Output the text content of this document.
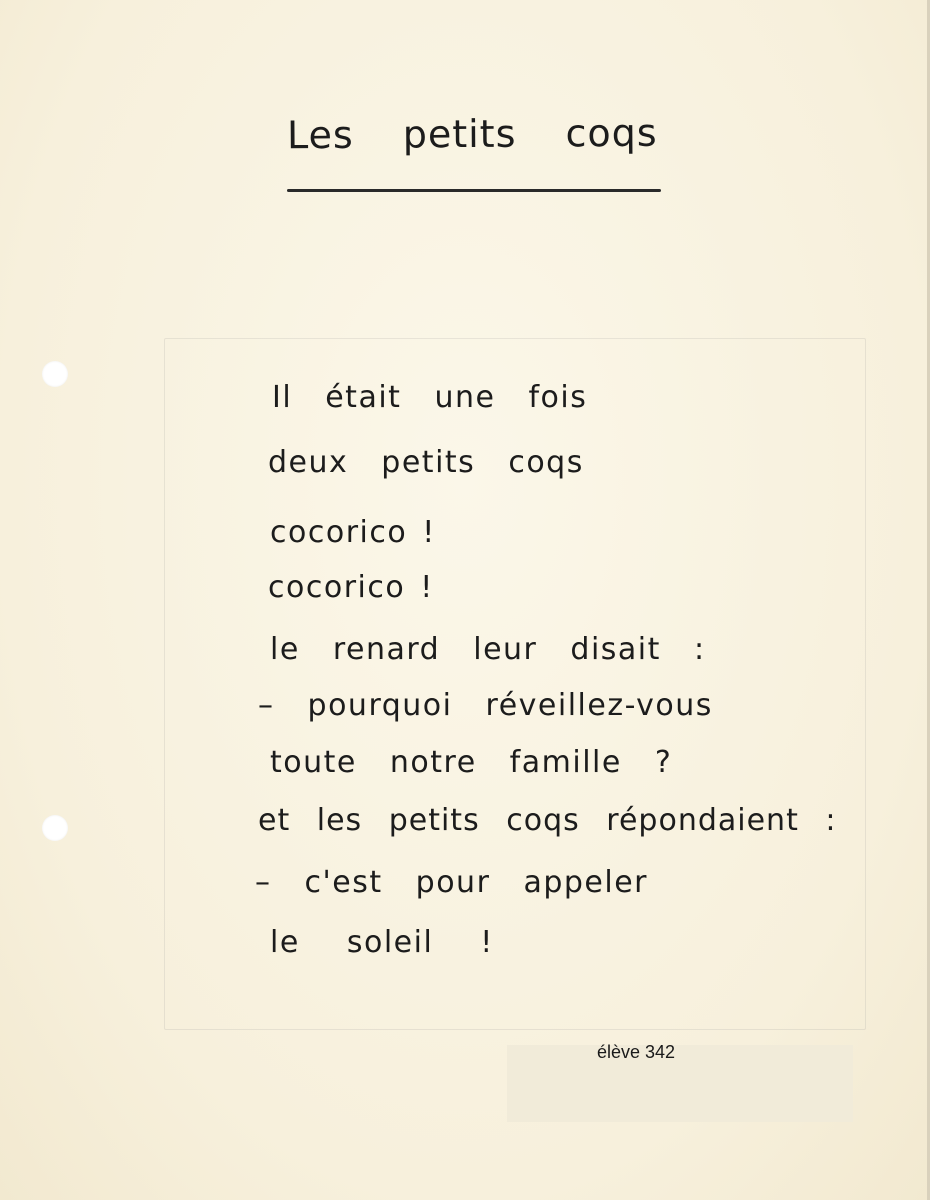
Les petits coqs
Il était une fois
deux petits coqs
cocorico !
cocorico !
le renard leur disait :
– pourquoi réveillez-vous
toute notre famille ?
et les petits coqs répondaient :
– c'est pour appeler
le soleil !
élève 342
